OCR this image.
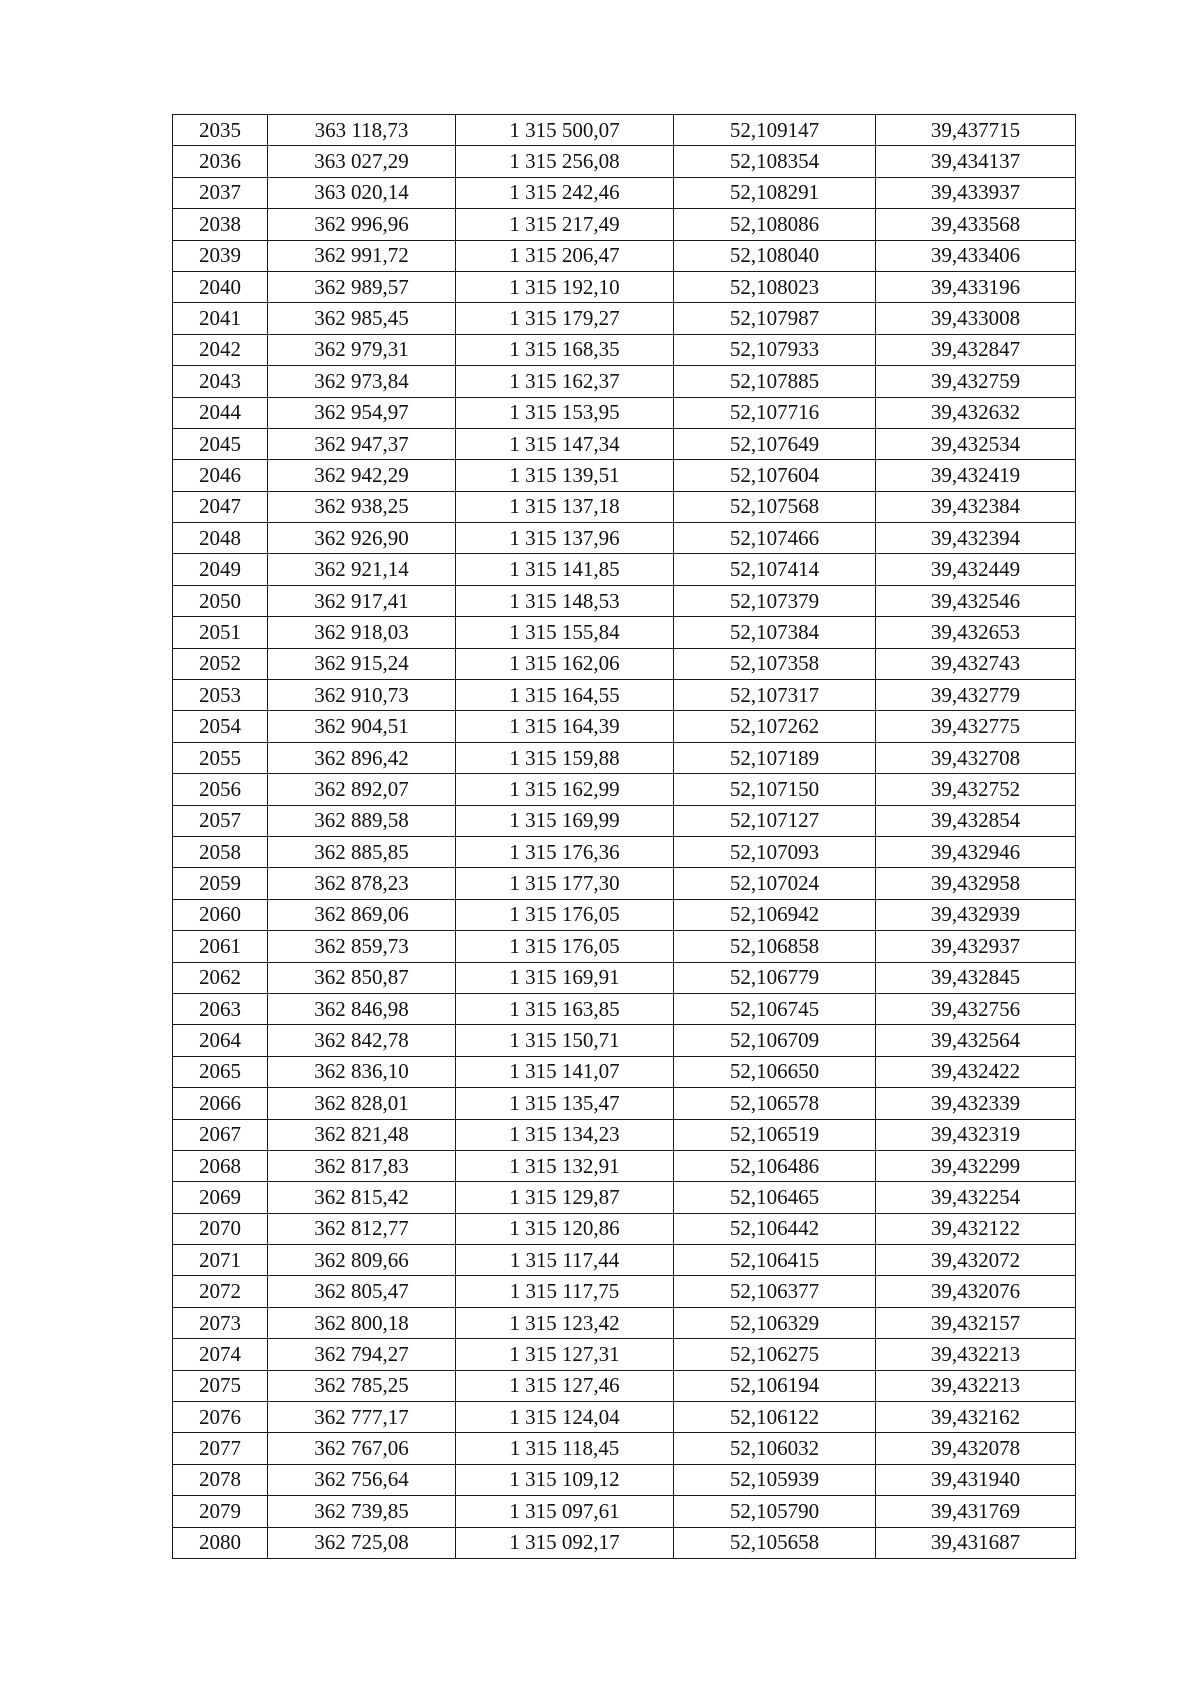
2035	363 118,73	1 315 500,07	52,109147	39,437715
2036	363 027,29	1 315 256,08	52,108354	39,434137
2037	363 020,14	1 315 242,46	52,108291	39,433937
2038	362 996,96	1 315 217,49	52,108086	39,433568
2039	362 991,72	1 315 206,47	52,108040	39,433406
2040	362 989,57	1 315 192,10	52,108023	39,433196
2041	362 985,45	1 315 179,27	52,107987	39,433008
2042	362 979,31	1 315 168,35	52,107933	39,432847
2043	362 973,84	1 315 162,37	52,107885	39,432759
2044	362 954,97	1 315 153,95	52,107716	39,432632
2045	362 947,37	1 315 147,34	52,107649	39,432534
2046	362 942,29	1 315 139,51	52,107604	39,432419
2047	362 938,25	1 315 137,18	52,107568	39,432384
2048	362 926,90	1 315 137,96	52,107466	39,432394
2049	362 921,14	1 315 141,85	52,107414	39,432449
2050	362 917,41	1 315 148,53	52,107379	39,432546
2051	362 918,03	1 315 155,84	52,107384	39,432653
2052	362 915,24	1 315 162,06	52,107358	39,432743
2053	362 910,73	1 315 164,55	52,107317	39,432779
2054	362 904,51	1 315 164,39	52,107262	39,432775
2055	362 896,42	1 315 159,88	52,107189	39,432708
2056	362 892,07	1 315 162,99	52,107150	39,432752
2057	362 889,58	1 315 169,99	52,107127	39,432854
2058	362 885,85	1 315 176,36	52,107093	39,432946
2059	362 878,23	1 315 177,30	52,107024	39,432958
2060	362 869,06	1 315 176,05	52,106942	39,432939
2061	362 859,73	1 315 176,05	52,106858	39,432937
2062	362 850,87	1 315 169,91	52,106779	39,432845
2063	362 846,98	1 315 163,85	52,106745	39,432756
2064	362 842,78	1 315 150,71	52,106709	39,432564
2065	362 836,10	1 315 141,07	52,106650	39,432422
2066	362 828,01	1 315 135,47	52,106578	39,432339
2067	362 821,48	1 315 134,23	52,106519	39,432319
2068	362 817,83	1 315 132,91	52,106486	39,432299
2069	362 815,42	1 315 129,87	52,106465	39,432254
2070	362 812,77	1 315 120,86	52,106442	39,432122
2071	362 809,66	1 315 117,44	52,106415	39,432072
2072	362 805,47	1 315 117,75	52,106377	39,432076
2073	362 800,18	1 315 123,42	52,106329	39,432157
2074	362 794,27	1 315 127,31	52,106275	39,432213
2075	362 785,25	1 315 127,46	52,106194	39,432213
2076	362 777,17	1 315 124,04	52,106122	39,432162
2077	362 767,06	1 315 118,45	52,106032	39,432078
2078	362 756,64	1 315 109,12	52,105939	39,431940
2079	362 739,85	1 315 097,61	52,105790	39,431769
2080	362 725,08	1 315 092,17	52,105658	39,431687
